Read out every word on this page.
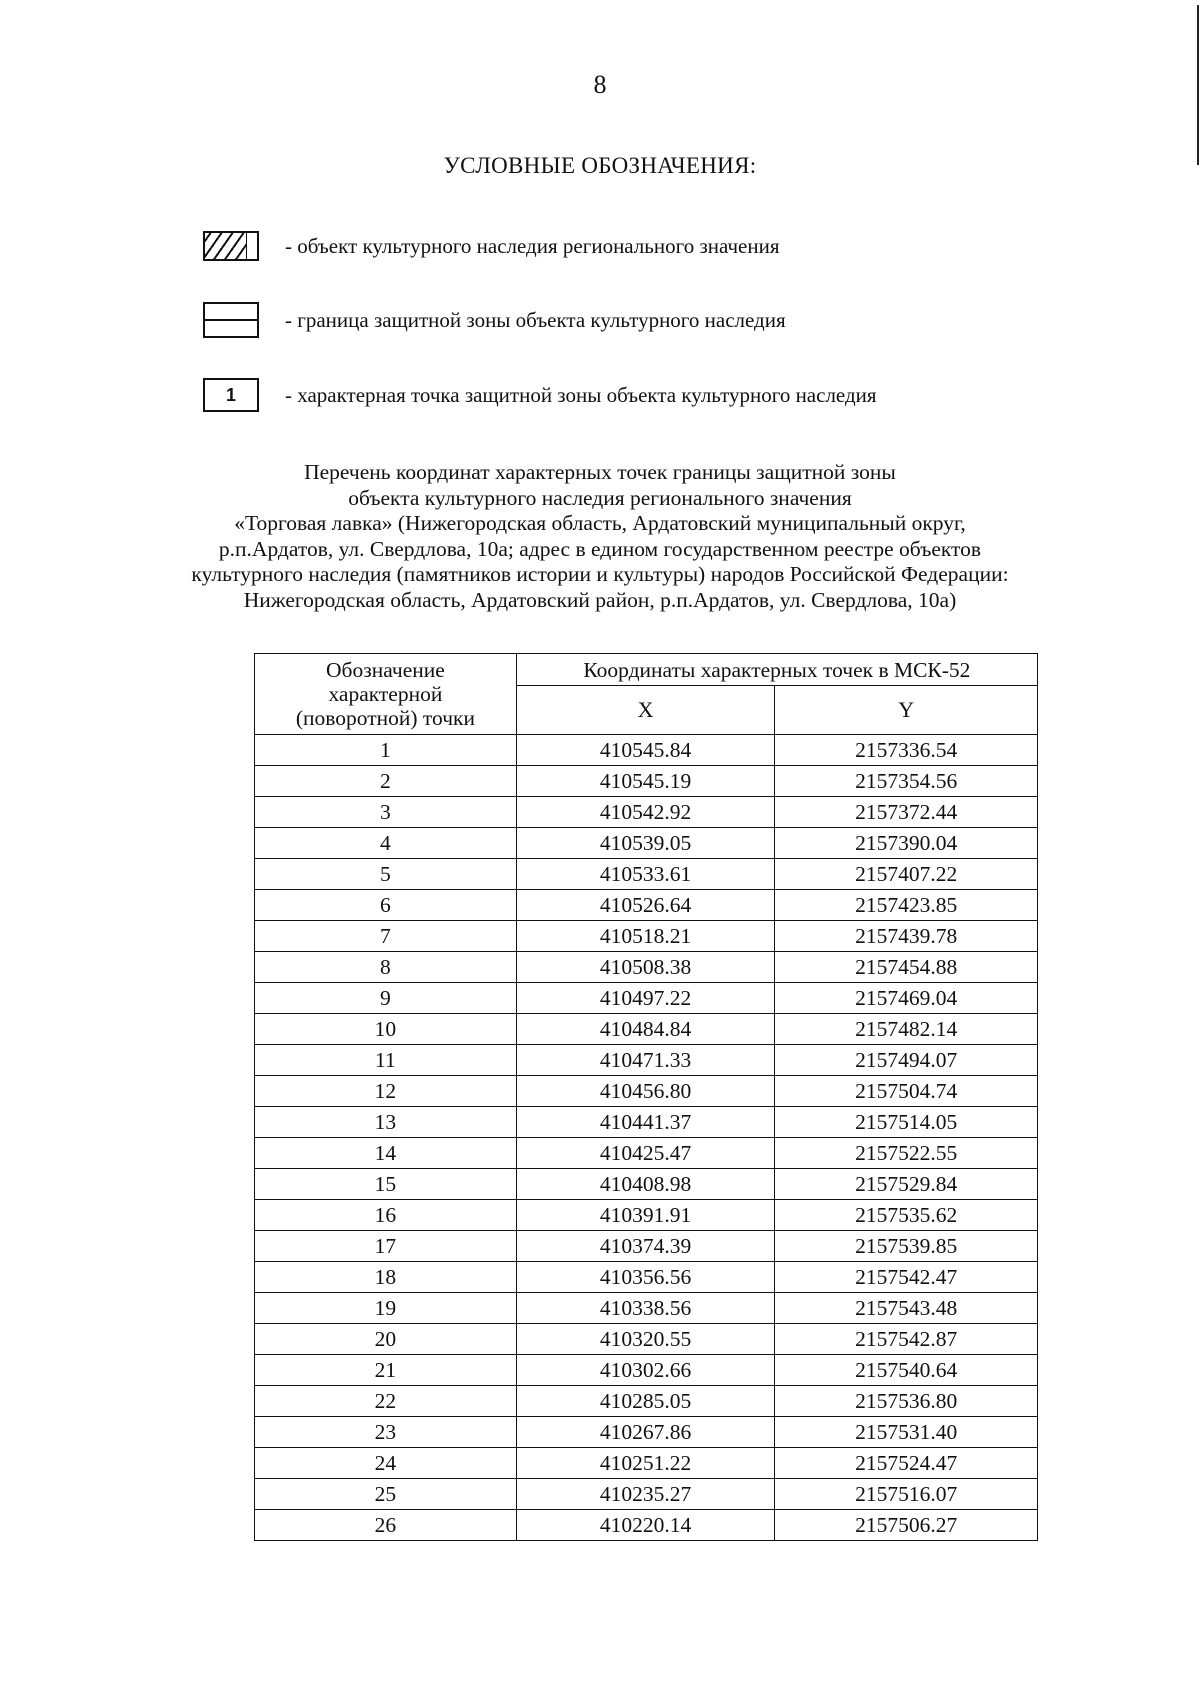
8
УСЛОВНЫЕ ОБОЗНАЧЕНИЯ:
- объект культурного наследия регионального значения
- граница защитной зоны объекта культурного наследия
1	- характерная точка защитной зоны объекта культурного наследия
Перечень координат характерных точек границы защитной зоны
объекта культурного наследия регионального значения
«Торговая лавка» (Нижегородская область, Ардатовский муниципальный округ,
р.п.Ардатов, ул. Свердлова, 10а; адрес в едином государственном реестре объектов
культурного наследия (памятников истории и культуры) народов Российской Федерации:
Нижегородская область, Ардатовский район, р.п.Ардатов, ул. Свердлова, 10а)
Обозначение
характерной
(поворотной) точки	Координаты характерных точек в МСК-52	
	X	Y
1	410545.84	2157336.54
2	410545.19	2157354.56
3	410542.92	2157372.44
4	410539.05	2157390.04
5	410533.61	2157407.22
6	410526.64	2157423.85
7	410518.21	2157439.78
8	410508.38	2157454.88
9	410497.22	2157469.04
10	410484.84	2157482.14
11	410471.33	2157494.07
12	410456.80	2157504.74
13	410441.37	2157514.05
14	410425.47	2157522.55
15	410408.98	2157529.84
16	410391.91	2157535.62
17	410374.39	2157539.85
18	410356.56	2157542.47
19	410338.56	2157543.48
20	410320.55	2157542.87
21	410302.66	2157540.64
22	410285.05	2157536.80
23	410267.86	2157531.40
24	410251.22	2157524.47
25	410235.27	2157516.07
26	410220.14	2157506.27
